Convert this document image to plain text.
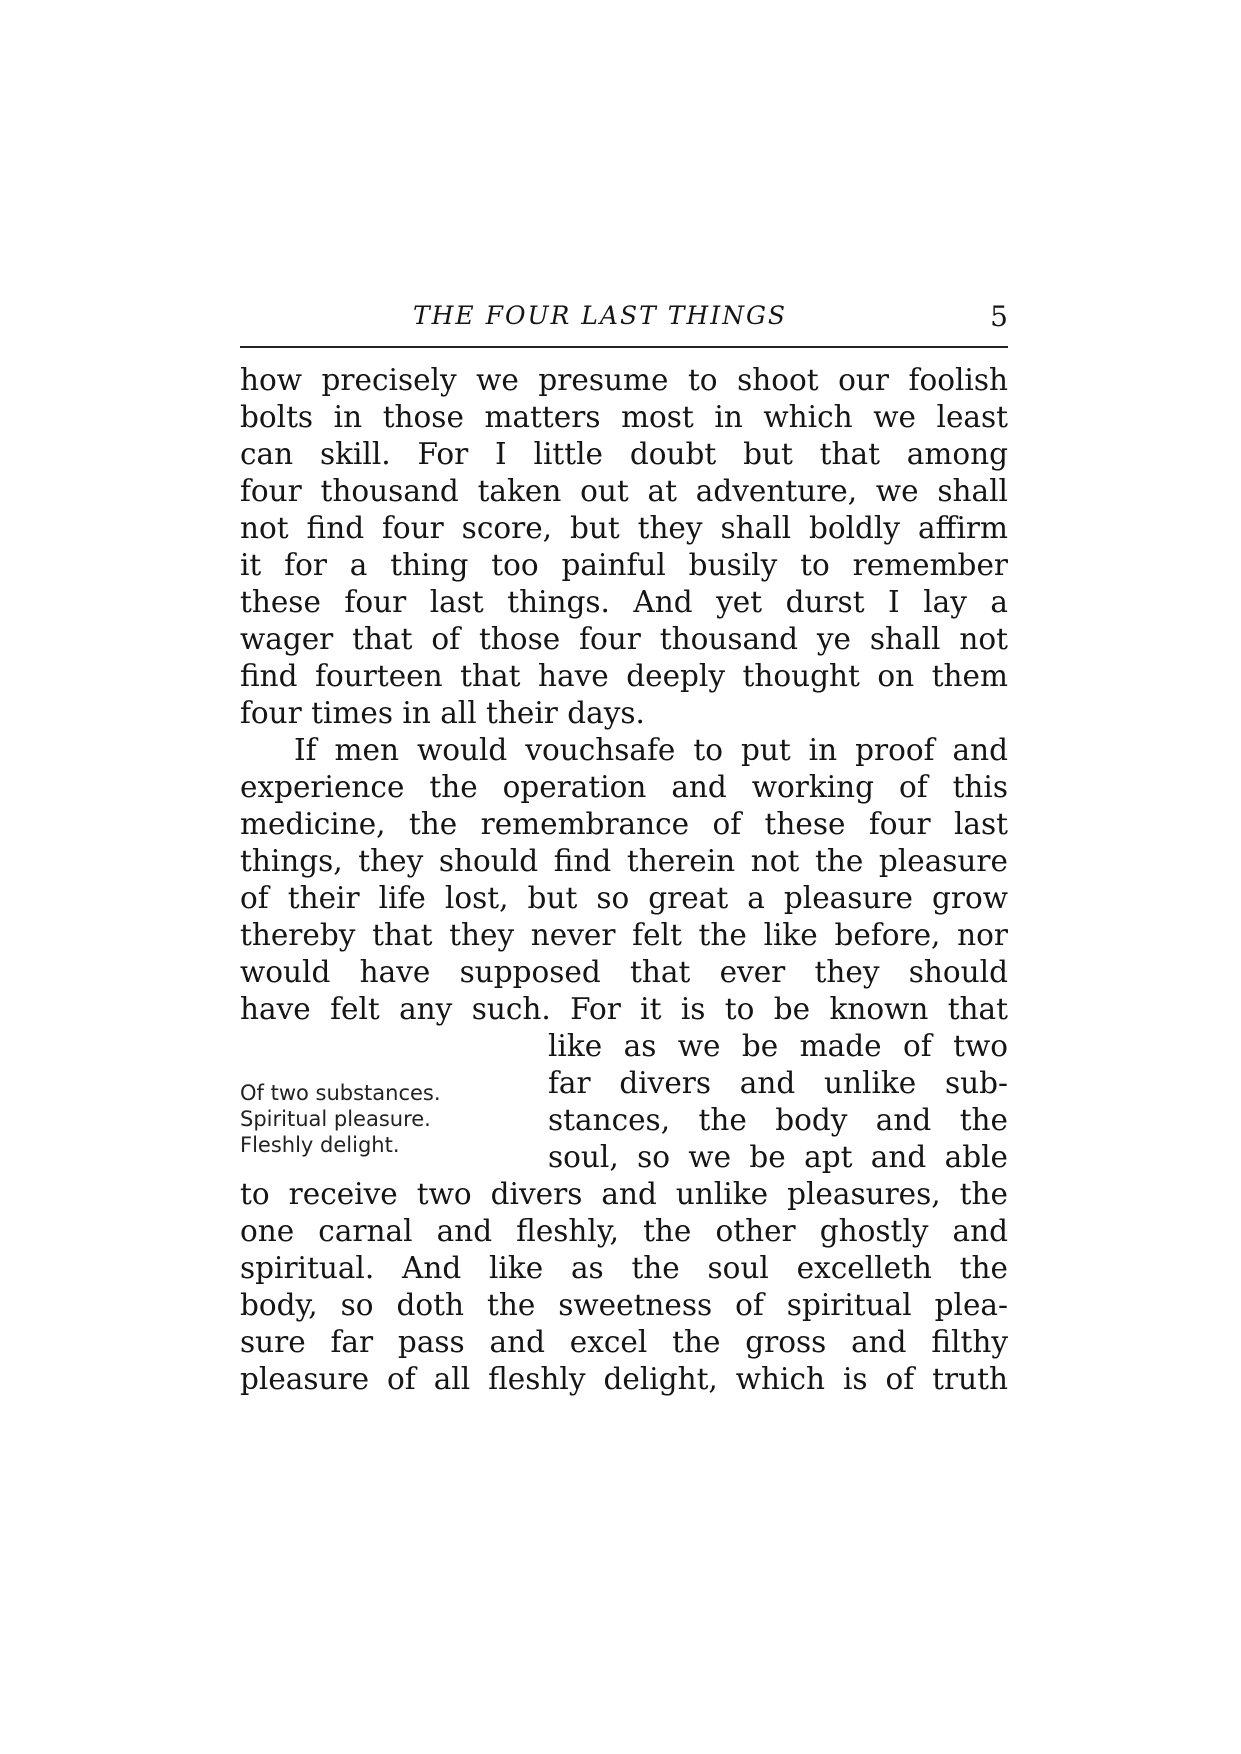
THE FOUR LAST THINGS	5
how precisely we presume to shoot our foolish
bolts in those matters most in which we least
can skill. For I little doubt but that among
four thousand taken out at adventure, we shall
not find four score, but they shall boldly affirm
it for a thing too painful busily to remember
these four last things. And yet durst I lay a
wager that of those four thousand ye shall not
find fourteen that have deeply thought on them
four times in all their days.
If men would vouchsafe to put in proof and
experience the operation and working of this
medicine, the remembrance of these four last
things, they should find therein not the pleasure
of their life lost, but so great a pleasure grow
thereby that they never felt the like before, nor
would have supposed that ever they should
have felt any such. For it is to be known that
like as we be made of two
far divers and unlike sub-
stances, the body and the
soul, so we be apt and able
Of two substances.
Spiritual pleasure.
Fleshly delight.
to receive two divers and unlike pleasures, the
one carnal and fleshly, the other ghostly and
spiritual. And like as the soul excelleth the
body, so doth the sweetness of spiritual plea-
sure far pass and excel the gross and filthy
pleasure of all fleshly delight, which is of truth
